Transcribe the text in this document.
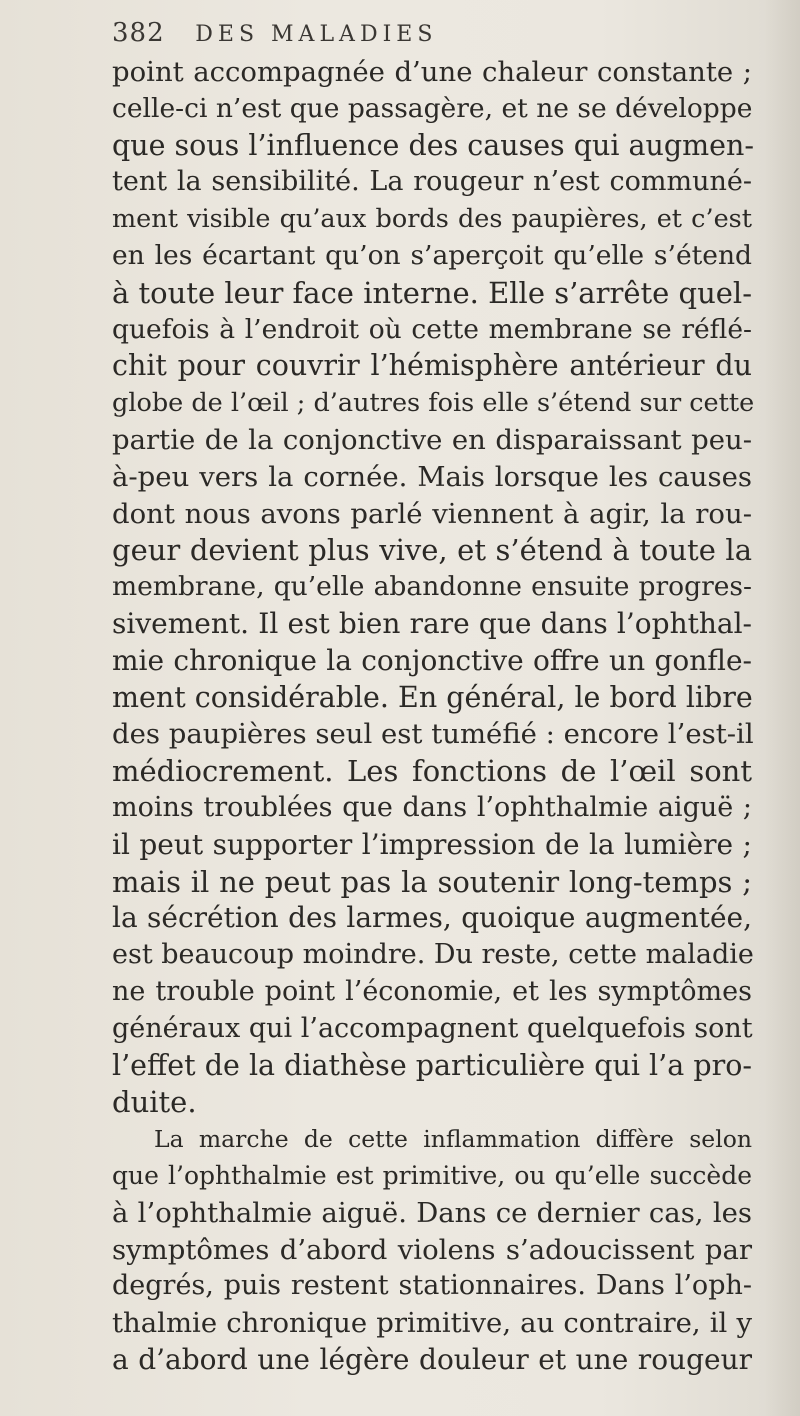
382 DES MALADIES
point accompagnée d’une chaleur constante ;
celle-ci n’est que passagère, et ne se développe
que sous l’influence des causes qui augmen-
tent la sensibilité. La rougeur n’est communé-
ment visible qu’aux bords des paupières, et c’est
en les écartant qu’on s’aperçoit qu’elle s’étend
à toute leur face interne. Elle s’arrête quel-
quefois à l’endroit où cette membrane se réflé-
chit pour couvrir l’hémisphère antérieur du
globe de l’œil ; d’autres fois elle s’étend sur cette
partie de la conjonctive en disparaissant peu-
à-peu vers la cornée. Mais lorsque les causes
dont nous avons parlé viennent à agir, la rou-
geur devient plus vive, et s’étend à toute la
membrane, qu’elle abandonne ensuite progres-
sivement. Il est bien rare que dans l’ophthal-
mie chronique la conjonctive offre un gonfle-
ment considérable. En général, le bord libre
des paupières seul est tuméfié : encore l’est-il
médiocrement. Les fonctions de l’œil sont
moins troublées que dans l’ophthalmie aiguë ;
il peut supporter l’impression de la lumière ;
mais il ne peut pas la soutenir long-temps ;
la sécrétion des larmes, quoique augmentée,
est beaucoup moindre. Du reste, cette maladie
ne trouble point l’économie, et les symptômes
généraux qui l’accompagnent quelquefois sont
l’effet de la diathèse particulière qui l’a pro-
duite.
La marche de cette inflammation diffère selon
que l’ophthalmie est primitive, ou qu’elle succède
à l’ophthalmie aiguë. Dans ce dernier cas, les
symptômes d’abord violens s’adoucissent par
degrés, puis restent stationnaires. Dans l’oph-
thalmie chronique primitive, au contraire, il y
a d’abord une légère douleur et une rougeur
